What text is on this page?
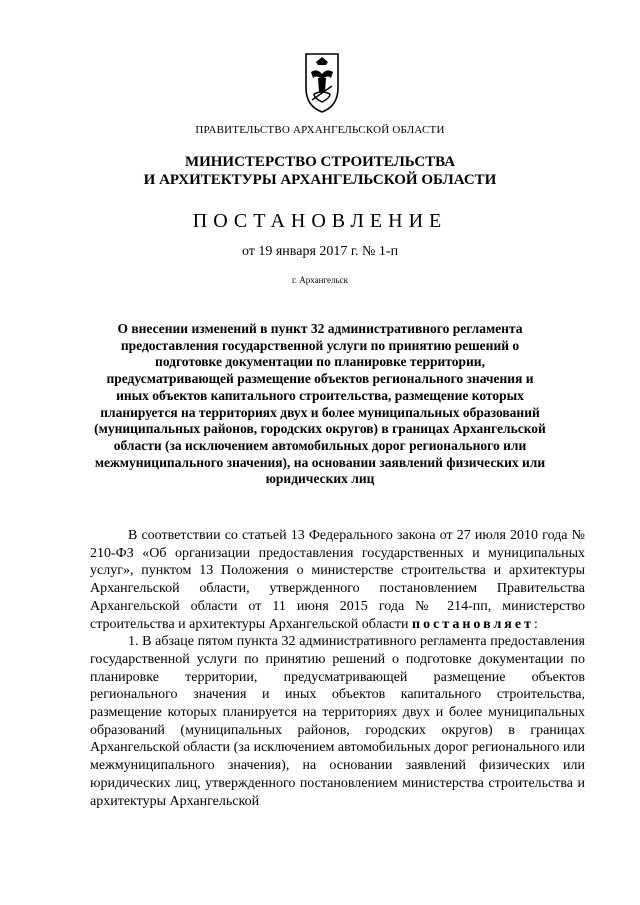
ПРАВИТЕЛЬСТВО АРХАНГЕЛЬСКОЙ ОБЛАСТИ
МИНИСТЕРСТВО СТРОИТЕЛЬСТВА
И АРХИТЕКТУРЫ АРХАНГЕЛЬСКОЙ ОБЛАСТИ
ПОСТАНОВЛЕНИЕ
от 19 января 2017 г. № 1-п
г. Архангельск
О внесении изменений в пункт 32 административного регламента предоставления государственной услуги по принятию решений о подготовке документации по планировке территории, предусматривающей размещение объектов регионального значения и иных объектов капитального строительства, размещение которых планируется на территориях двух и более муниципальных образований (муниципальных районов, городских округов) в границах Архангельской области (за исключением автомобильных дорог регионального или межмуниципального значения), на основании заявлений физических или юридических лиц

В соответствии со статьей 13 Федерального закона от 27 июля 2010 года № 210-ФЗ «Об организации предоставления государственных и муниципальных услуг», пунктом 13 Положения о министерстве строительства и архитектуры Архангельской области, утвержденного постановлением Правительства Архангельской области от 11 июня 2015 года № 214-пп, министерство строительства и архитектуры Архангельской области постановляет:

1. В абзаце пятом пункта 32 административного регламента предоставления государственной услуги по принятию решений о подготовке документации по планировке территории, предусматривающей размещение объектов регионального значения и иных объектов капитального строительства, размещение которых планируется на территориях двух и более муниципальных образований (муниципальных районов, городских округов) в границах Архангельской области (за исключением автомобильных дорог регионального или межмуниципального значения), на основании заявлений физических или юридических лиц, утвержденного постановлением министерства строительства и архитектуры Архангельской
